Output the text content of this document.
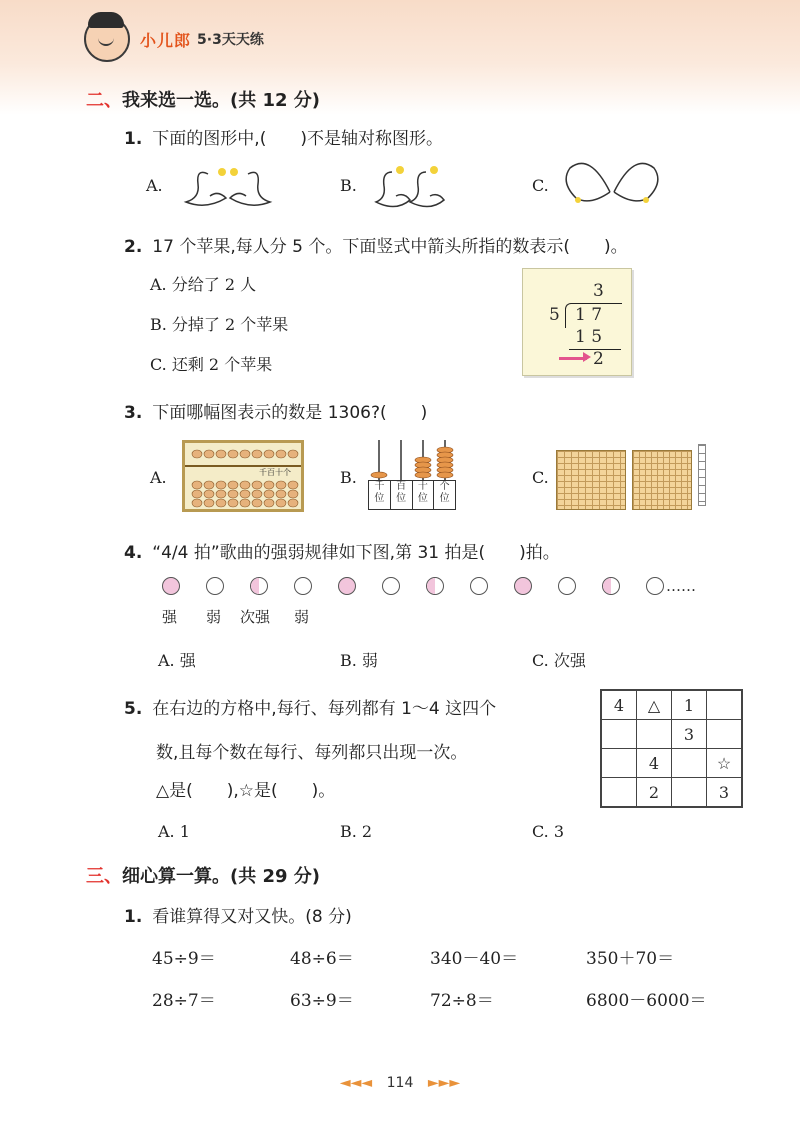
小儿郎 5·3天天练
二、我来选一选。(共 12 分)
1. 下面的图形中,(　　)不是轴对称图形。
A.	B.	C.
2. 17 个苹果,每人分 5 个。下面竖式中箭头所指的数表示(　　)。
A. 分给了 2 人
B. 分掉了 2 个苹果
C. 还剩 2 个苹果
3
5 1 7
1 5
2
3. 下面哪幅图表示的数是 1306?(　　)
A.	千百十个	B.	千
位
百
位
十
位
个
位
C.
4. “4/4 拍”歌曲的强弱规律如下图,第 31 拍是(　　)拍。
……
强 弱 次强 弱
A. 强	B. 弱	C. 次强
5. 在右边的方格中,每行、每列都有 1～4 这四个
数,且每个数在每行、每列都只出现一次。
△是(　　),☆是(　　)。
4	△	1	
		3	
	4		☆
	2		3
A. 1	B. 2	C. 3
三、细心算一算。(共 29 分)
1. 看谁算得又对又快。(8 分)
45÷9＝	48÷6＝	340－40＝	350＋70＝
28÷7＝	63÷9＝	72÷8＝	6800－6000＝
◄◄◄ 114 ►►►
